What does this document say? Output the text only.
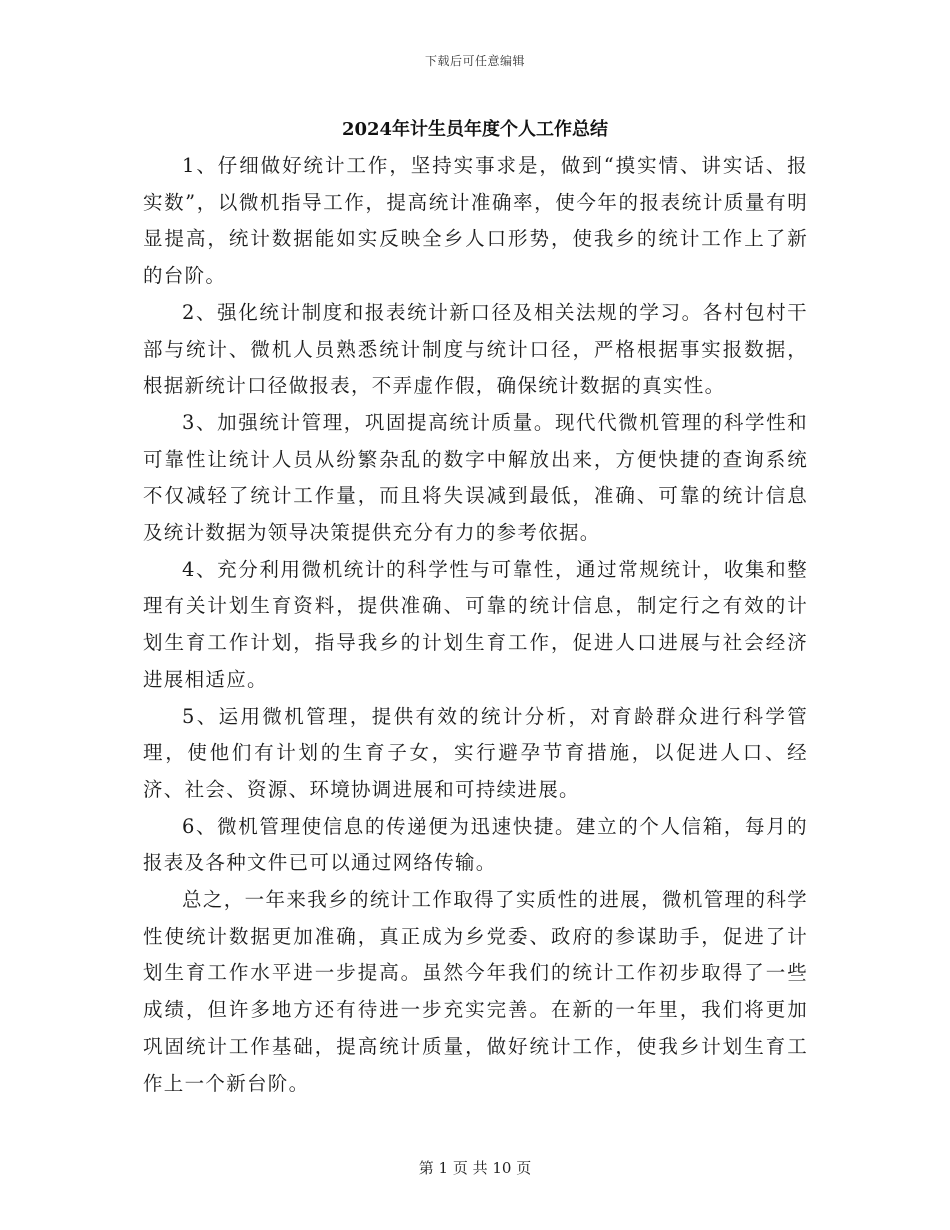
下载后可任意编辑
2024年计生员年度个人工作总结

1、仔细做好统计工作，坚持实事求是，做到“摸实情、讲实话、报实数”，以微机指导工作，提高统计准确率，使今年的报表统计质量有明显提高，统计数据能如实反映全乡人口形势，使我乡的统计工作上了新的台阶。

2、强化统计制度和报表统计新口径及相关法规的学习。各村包村干部与统计、微机人员熟悉统计制度与统计口径，严格根据事实报数据，根据新统计口径做报表，不弄虚作假，确保统计数据的真实性。

3、加强统计管理，巩固提高统计质量。现代代微机管理的科学性和可靠性让统计人员从纷繁杂乱的数字中解放出来，方便快捷的查询系统不仅减轻了统计工作量，而且将失误减到最低，准确、可靠的统计信息及统计数据为领导决策提供充分有力的参考依据。

4、充分利用微机统计的科学性与可靠性，通过常规统计，收集和整理有关计划生育资料，提供准确、可靠的统计信息，制定行之有效的计划生育工作计划，指导我乡的计划生育工作，促进人口进展与社会经济进展相适应。

5、运用微机管理，提供有效的统计分析，对育龄群众进行科学管理，使他们有计划的生育子女，实行避孕节育措施，以促进人口、经济、社会、资源、环境协调进展和可持续进展。

6、微机管理使信息的传递便为迅速快捷。建立的个人信箱，每月的报表及各种文件已可以通过网络传输。

总之，一年来我乡的统计工作取得了实质性的进展，微机管理的科学性使统计数据更加准确，真正成为乡党委、政府的参谋助手，促进了计划生育工作水平进一步提高。虽然今年我们的统计工作初步取得了一些成绩，但许多地方还有待进一步充实完善。在新的一年里，我们将更加巩固统计工作基础，提高统计质量，做好统计工作，使我乡计划生育工作上一个新台阶。

第 1 页 共 10 页
